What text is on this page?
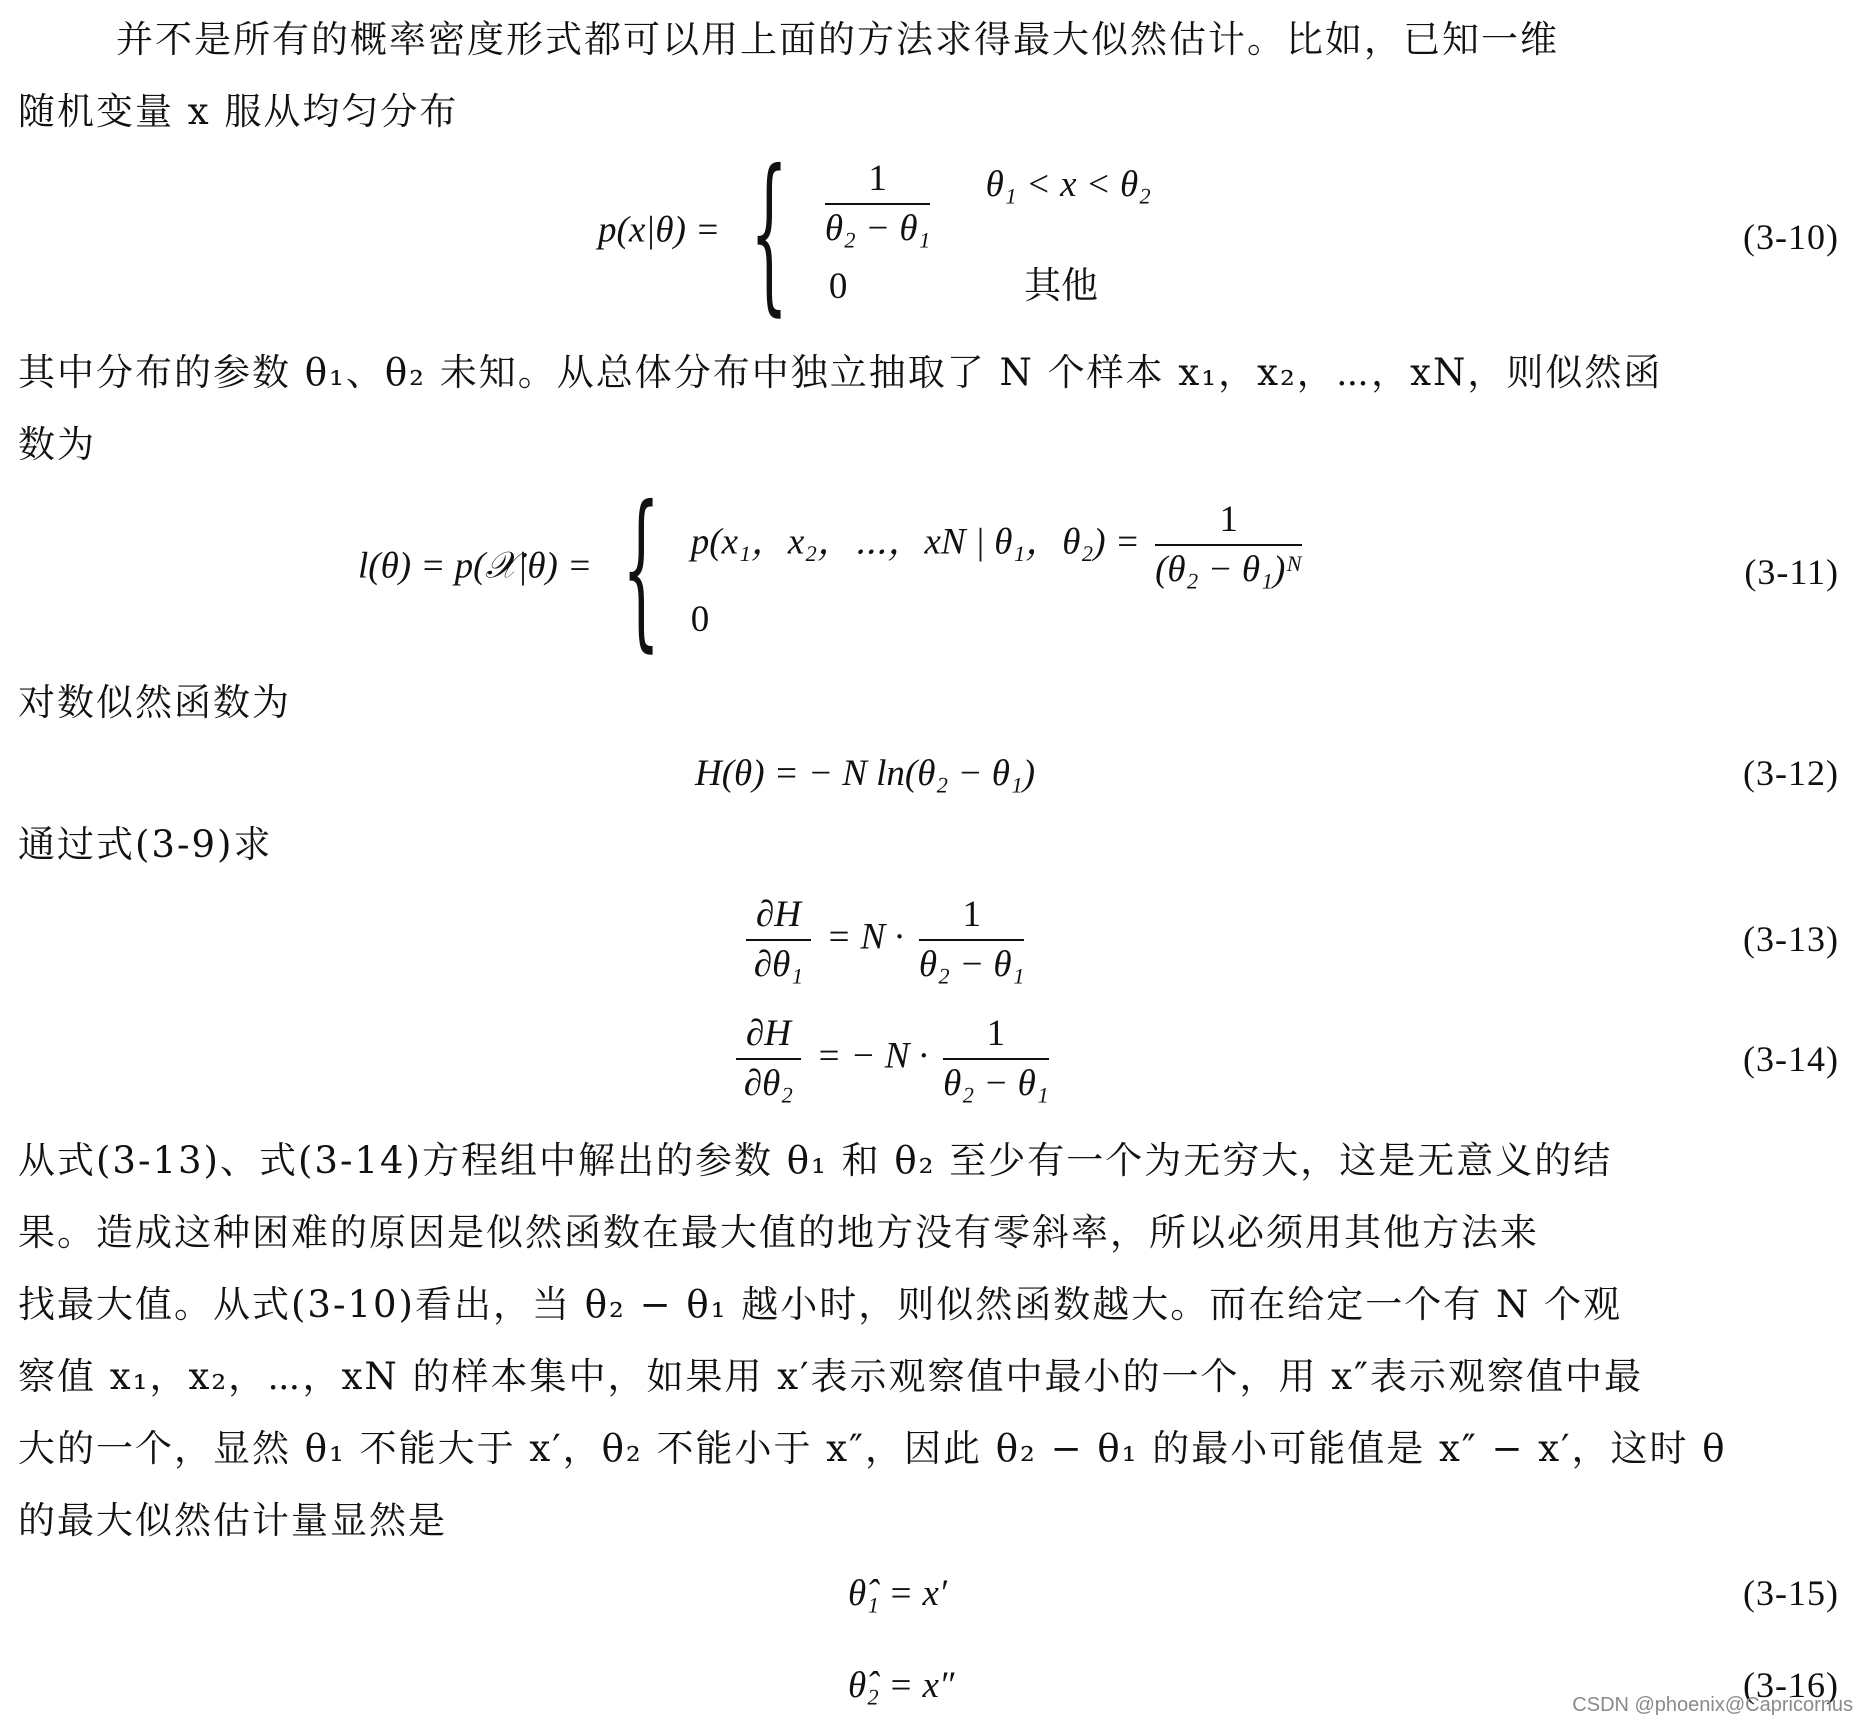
并不是所有的概率密度形式都可以用上面的方法求得最大似然估计。比如，已知一维
随机变量 x 服从均匀分布

p(x|θ) = { $\frac{1}{\text{θ₂ − θ₁}} \theta_1 < x < \theta_2$
0	其他
(3-10)

其中分布的参数 θ₁、θ₂ 未知。从总体分布中独立抽取了 N 个样本 x₁，x₂，⋯，xN，则似然函
数为

l(θ) = p(𝒳|θ) = { p(x₁，x₂，⋯，xN | θ₁，$\theta_2) = \frac{1}{\text{(θ₂ − θ₁)ᴺ}}$
0
(3-11)

对数似然函数为

H(θ) = − N ln(θ₂ − θ₁)	(3-12)

通过式(3-9)求

$\frac{\partial H}{\text{∂θ₁}} = N \cdot \frac{1}{\text{θ₂ − θ₁}}$	(3-13)
$\frac{\partial H}{\text{∂θ₂}}$ = − $N \cdot \frac{1}{\text{θ₂ − θ₁}}$	(3-14)

从式(3-13)、式(3-14)方程组中解出的参数 θ₁ 和 θ₂ 至少有一个为无穷大，这是无意义的结
果。造成这种困难的原因是似然函数在最大值的地方没有零斜率，所以必须用其他方法来
找最大值。从式(3-10)看出，当 θ₂ − θ₁ 越小时，则似然函数越大。而在给定一个有 N 个观
察值 x₁，x₂，⋯，xN 的样本集中，如果用 x′表示观察值中最小的一个，用 x″表示观察值中最
大的一个，显然 θ₁ 不能大于 x′，θ₂ 不能小于 x″，因此 θ₂ − θ₁ 的最小可能值是 x″ − x′，这时 θ
的最大似然估计量显然是

θ̂₁ = x′	(3-15)
θ̂₂ = x″	(3-16)
CSDN @phoenix@Capricornus
